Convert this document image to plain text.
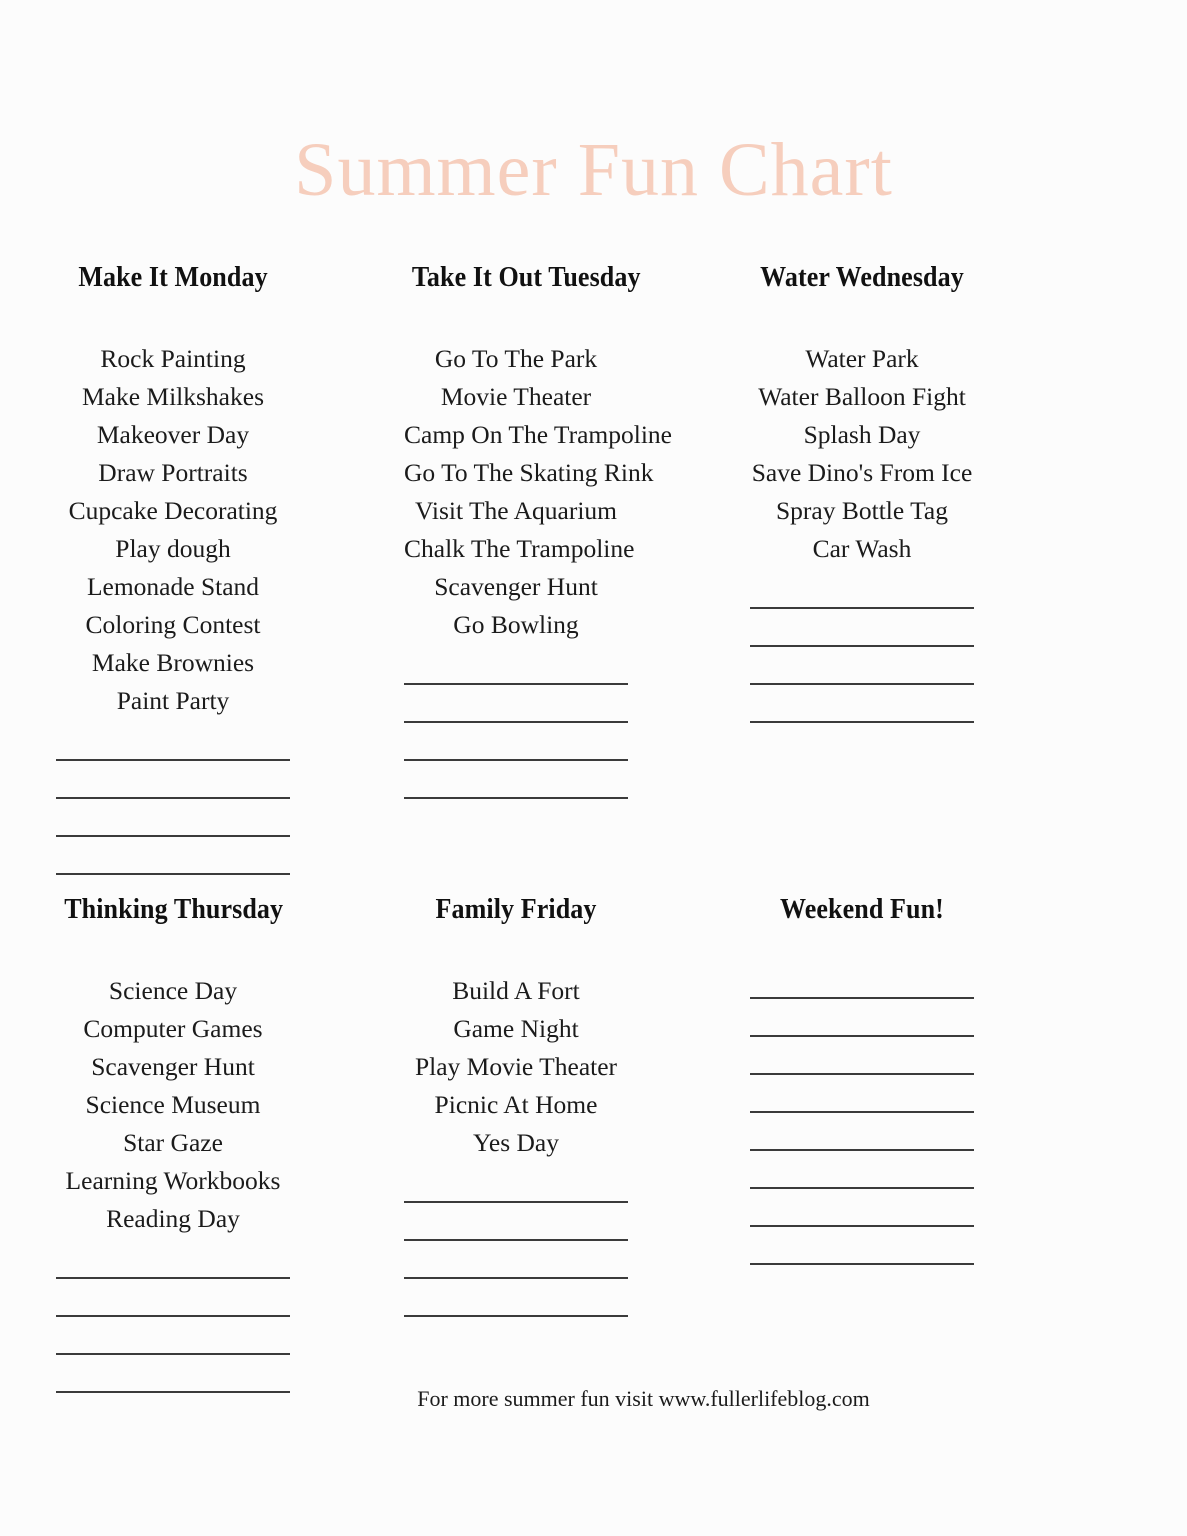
Summer Fun Chart
Make It Monday
Rock Painting
Make Milkshakes
Makeover Day
Draw Portraits
Cupcake Decorating
Play dough
Lemonade Stand
Coloring Contest
Make Brownies
Paint Party
Take It Out Tuesday
Go To The Park
Movie Theater
Camp On The Trampoline
Go To The Skating Rink
Visit The Aquarium
Chalk The Trampoline
Scavenger Hunt
Go Bowling
Water Wednesday
Water Park
Water Balloon Fight
Splash Day
Save Dino's From Ice
Spray Bottle Tag
Car Wash
Thinking Thursday
Science Day
Computer Games
Scavenger Hunt
Science Museum
Star Gaze
Learning Workbooks
Reading Day
Family Friday
Build A Fort
Game Night
Play Movie Theater
Picnic At Home
Yes Day
Weekend Fun!
For more summer fun visit www.fullerlifeblog.com
